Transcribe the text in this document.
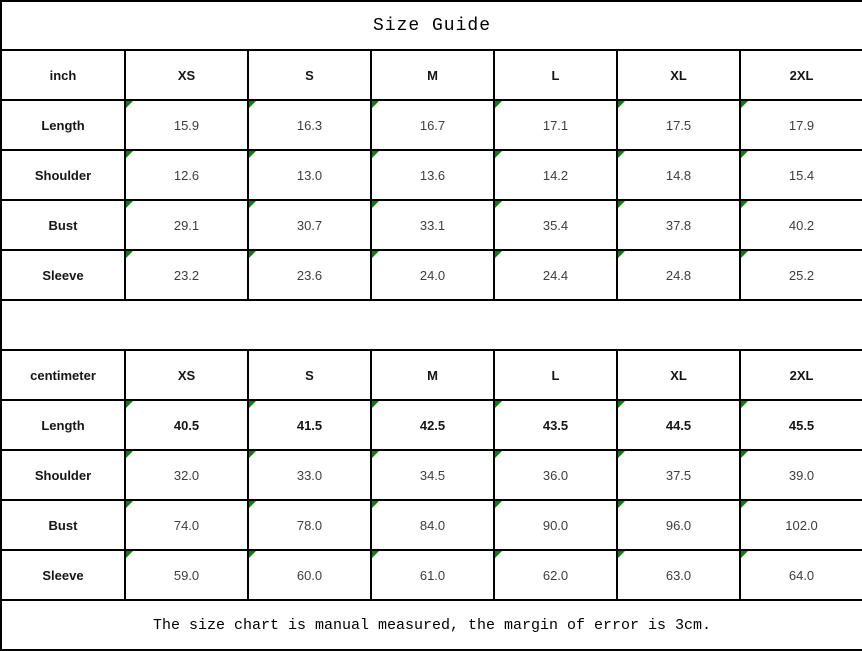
Size Guide						
inch	XS	S	M	L	XL	2XL
Length	15.9	16.3	16.7	17.1	17.5	17.9
Shoulder	12.6	13.0	13.6	14.2	14.8	15.4
Bust	29.1	30.7	33.1	35.4	37.8	40.2
Sleeve	23.2	23.6	24.0	24.4	24.8	25.2

centimeter	XS	S	M	L	XL	2XL
Length	40.5	41.5	42.5	43.5	44.5	45.5
Shoulder	32.0	33.0	34.5	36.0	37.5	39.0
Bust	74.0	78.0	84.0	90.0	96.0	102.0
Sleeve	59.0	60.0	61.0	62.0	63.0	64.0
The size chart is manual measured, the margin of error is 3cm.						
